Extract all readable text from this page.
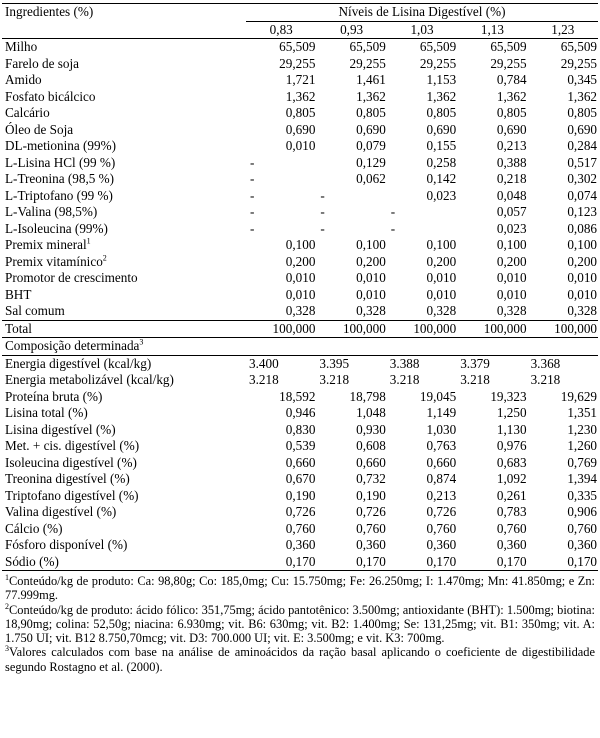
Ingredientes (%)	Níveis de Lisina Digestível (%)				
	0,83	0,93	1,03	1,13	1,23
Milho	65,509	65,509	65,509	65,509	65,509
Farelo de soja	29,255	29,255	29,255	29,255	29,255
Amido	1,721	1,461	1,153	0,784	0,345
Fosfato bicálcico	1,362	1,362	1,362	1,362	1,362
Calcário	0,805	0,805	0,805	0,805	0,805
Óleo de Soja	0,690	0,690	0,690	0,690	0,690
DL-metionina (99%)	0,010	0,079	0,155	0,213	0,284
L-Lisina HCl (99 %)	-	0,129	0,258	0,388	0,517
L-Treonina (98,5 %)	-	0,062	0,142	0,218	0,302
L-Triptofano (99 %)	-	-	0,023	0,048	0,074
L-Valina (98,5%)	-	-	-	0,057	0,123
L-Isoleucina (99%)	-	-	-	0,023	0,086
Premix mineral$^1$	0,100	0,100	0,100	0,100	0,100
Premix vitamínico$^2$	0,200	0,200	0,200	0,200	0,200
Promotor de crescimento	0,010	0,010	0,010	0,010	0,010
BHT	0,010	0,010	0,010	0,010	0,010
Sal comum	0,328	0,328	0,328	0,328	0,328
Total	100,000	100,000	100,000	100,000	100,000
Composição determinada$^3$
Energia digestível (kcal/kg)	3.400	3.395	3.388	3.379	3.368
Energia metabolizável (kcal/kg)	3.218	3.218	3.218	3.218	3.218
Proteína bruta (%)	18,592	18,798	19,045	19,323	19,629
Lisina total (%)	0,946	1,048	1,149	1,250	1,351
Lisina digestível (%)	0,830	0,930	1,030	1,130	1,230
Met. + cis. digestível (%)	0,539	0,608	0,763	0,976	1,260
Isoleucina digestível (%)	0,660	0,660	0,660	0,683	0,769
Treonina digestível (%)	0,670	0,732	0,874	1,092	1,394
Triptofano digestível (%)	0,190	0,190	0,213	0,261	0,335
Valina digestível (%)	0,726	0,726	0,726	0,783	0,906
Cálcio (%)	0,760	0,760	0,760	0,760	0,760
Fósforo disponível (%)	0,360	0,360	0,360	0,360	0,360
Sódio (%)	0,170	0,170	0,170	0,170	0,170

$^1$Conteúdo/kg de produto: Ca: 98,80g; Co: 185,0mg; Cu: 15.750mg; Fe: 26.250mg; I: 1.470mg; Mn: 41.850mg; e Zn: 77.999mg.

$^2$Conteúdo/kg de produto: ácido fólico: 351,75mg; ácido pantotênico: 3.500mg; antioxidante (BHT): 1.500mg; biotina: 18,90mg; colina: 52,50g; niacina: 6.930mg; vit. B6: 630mg; vit. B2: 1.400mg; Se: 131,25mg; vit. B1: 350mg; vit. A: 1.750 UI; vit. B12 8.750,70mcg; vit. D3: 700.000 UI; vit. E: 3.500mg; e vit. K3: 700mg.

$^3$Valores calculados com base na análise de aminoácidos da ração basal aplicando o coeficiente de digestibilidade segundo Rostagno et al. (2000).
